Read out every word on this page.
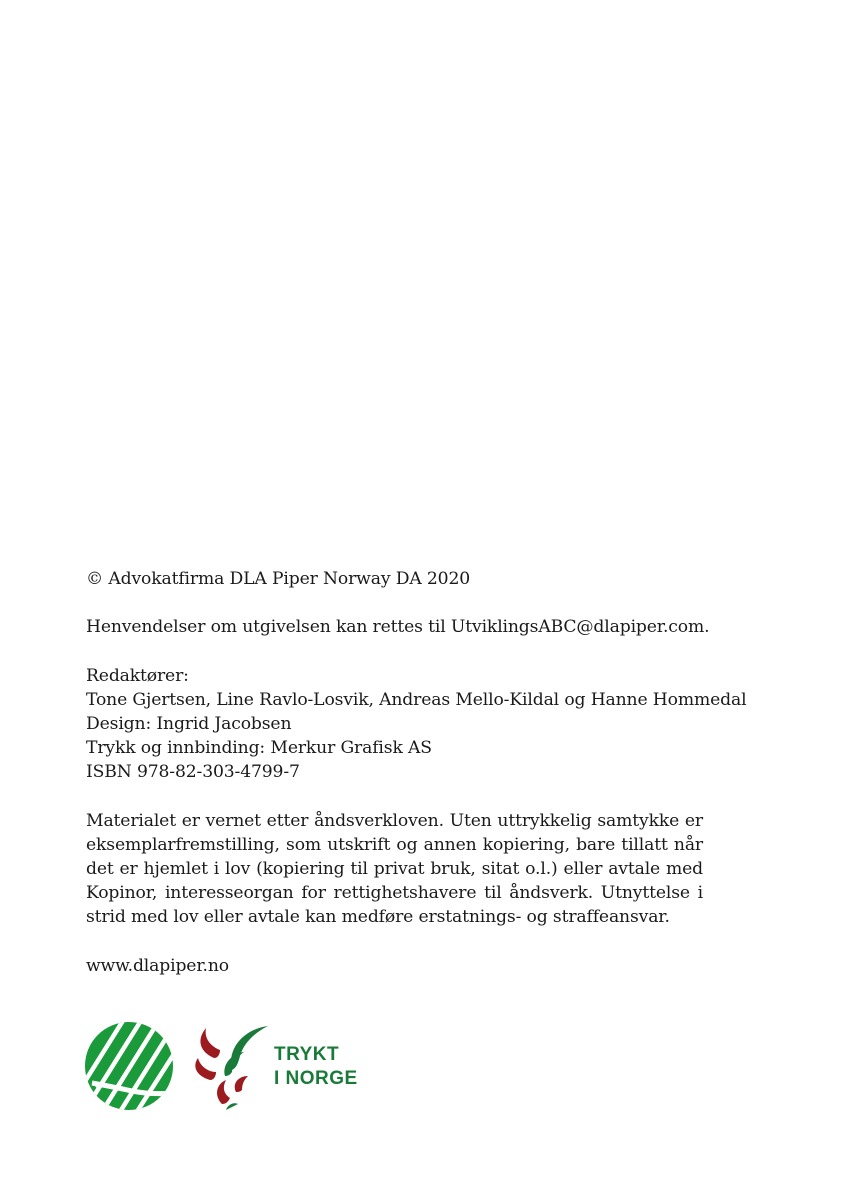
© Advokatfirma DLA Piper Norway DA 2020
Henvendelser om utgivelsen kan rettes til UtviklingsABC@dlapiper.com.
Redaktører:
Tone Gjertsen, Line Ravlo-Losvik, Andreas Mello-Kildal og Hanne Hommedal
Design: Ingrid Jacobsen
Trykk og innbinding: Merkur Grafisk AS
ISBN 978-82-303-4799-7
Materialet er vernet etter åndsverkloven. Uten uttrykkelig samtykke er eksemplarfremstilling, som utskrift og annen kopiering, bare tillatt når det er hjemlet i lov (kopiering til privat bruk, sitat o.l.) eller avtale med Kopinor, interesseorgan for rettighetshavere til åndsverk. Utnyttelse i strid med lov eller avtale kan medføre erstatnings- og straffeansvar.
www.dlapiper.no
TRYKT
I NORGE
